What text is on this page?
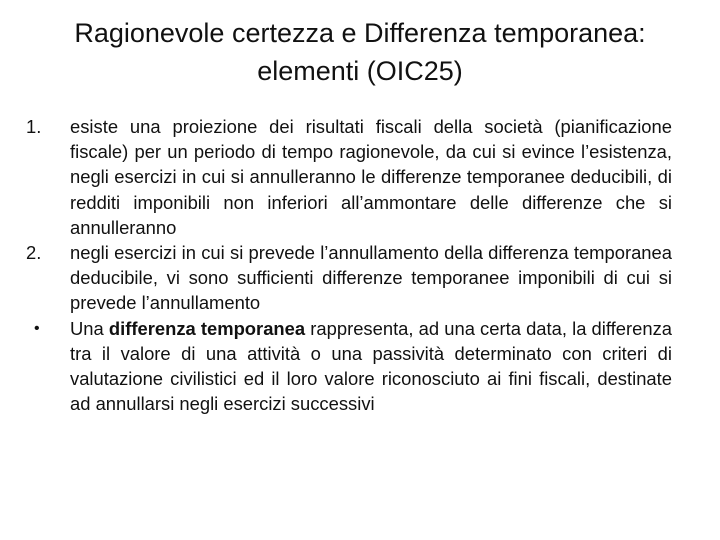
Ragionevole certezza e Differenza temporanea:
elementi (OIC25)
1.	esiste una proiezione dei risultati fiscali della società (pianificazione fiscale) per un periodo di tempo ragionevole, da cui si evince l’esistenza, negli esercizi in cui si annulleranno le differenze temporanee deducibili, di redditi imponibili non inferiori all’ammontare delle differenze che si annulleranno
2.	negli esercizi in cui si prevede l’annullamento della differenza temporanea deducibile, vi sono sufficienti differenze temporanee imponibili di cui si prevede l’annullamento
•	Una differenza temporanea rappresenta, ad una certa data, la differenza tra il valore di una attività o una passività determinato con criteri di valutazione civilistici ed il loro valore riconosciuto ai fini fiscali, destinate ad annullarsi negli esercizi successivi
